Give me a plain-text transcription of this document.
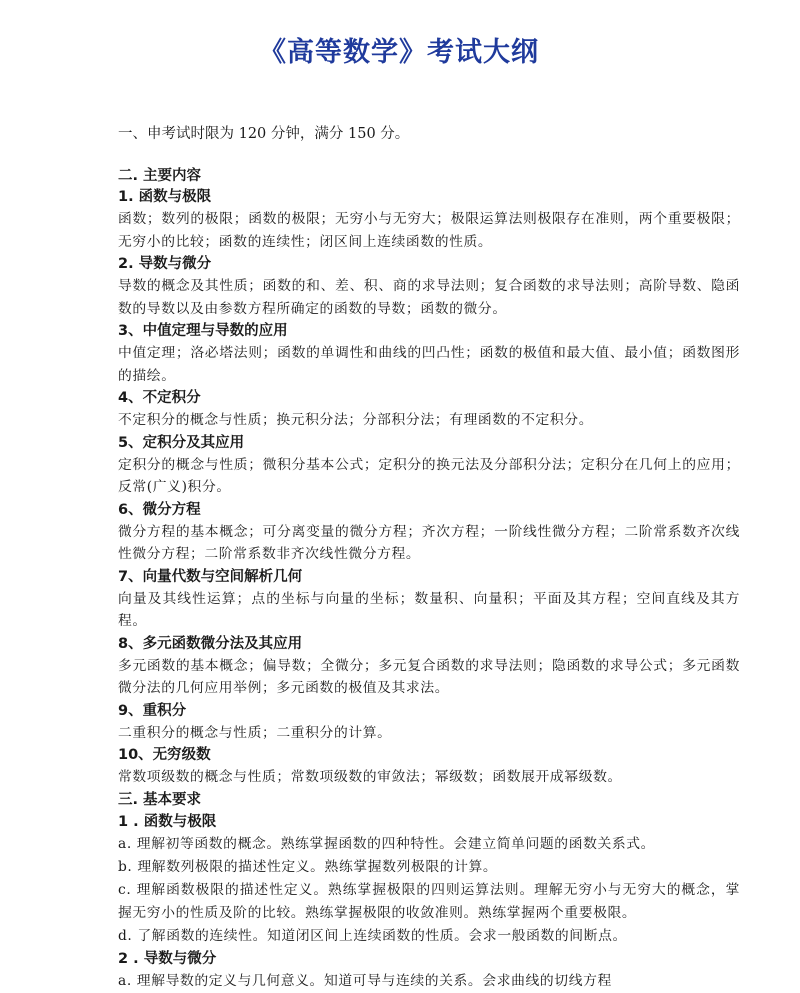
《高等数学》考试大纲
一、申考试时限为 120 分钟，满分 150 分。
二. 主要内容
1. 函数与极限
函数；数列的极限；函数的极限；无穷小与无穷大；极限运算法则极限存在准则，两个重要极限；无穷小的比较；函数的连续性；闭区间上连续函数的性质。
2. 导数与微分
导数的概念及其性质；函数的和、差、积、商的求导法则；复合函数的求导法则；高阶导数、隐函数的导数以及由参数方程所确定的函数的导数；函数的微分。
3、中值定理与导数的应用
中值定理；洛必塔法则；函数的单调性和曲线的凹凸性；函数的极值和最大值、最小值；函数图形的描绘。
4、不定积分
不定积分的概念与性质；换元积分法；分部积分法；有理函数的不定积分。
5、定积分及其应用
定积分的概念与性质；微积分基本公式；定积分的换元法及分部积分法；定积分在几何上的应用；反常(广义)积分。
6、微分方程
微分方程的基本概念；可分离变量的微分方程；齐次方程；一阶线性微分方程；二阶常系数齐次线性微分方程；二阶常系数非齐次线性微分方程。
7、向量代数与空间解析几何
向量及其线性运算；点的坐标与向量的坐标；数量积、向量积；平面及其方程；空间直线及其方程。
8、多元函数微分法及其应用
多元函数的基本概念；偏导数；全微分；多元复合函数的求导法则；隐函数的求导公式；多元函数微分法的几何应用举例；多元函数的极值及其求法。
9、重积分
二重积分的概念与性质；二重积分的计算。
10、无穷级数
常数项级数的概念与性质；常数项级数的审敛法；幂级数；函数展开成幂级数。
三. 基本要求
1 . 函数与极限
a. 理解初等函数的概念。熟练掌握函数的四种特性。会建立简单问题的函数关系式。
b. 理解数列极限的描述性定义。熟练掌握数列极限的计算。
c. 理解函数极限的描述性定义。熟练掌握极限的四则运算法则。理解无穷小与无穷大的概念，掌握无穷小的性质及阶的比较。熟练掌握极限的收敛准则。熟练掌握两个重要极限。
d. 了解函数的连续性。知道闭区间上连续函数的性质。会求一般函数的间断点。
2 . 导数与微分
a. 理解导数的定义与几何意义。知道可导与连续的关系。会求曲线的切线方程
